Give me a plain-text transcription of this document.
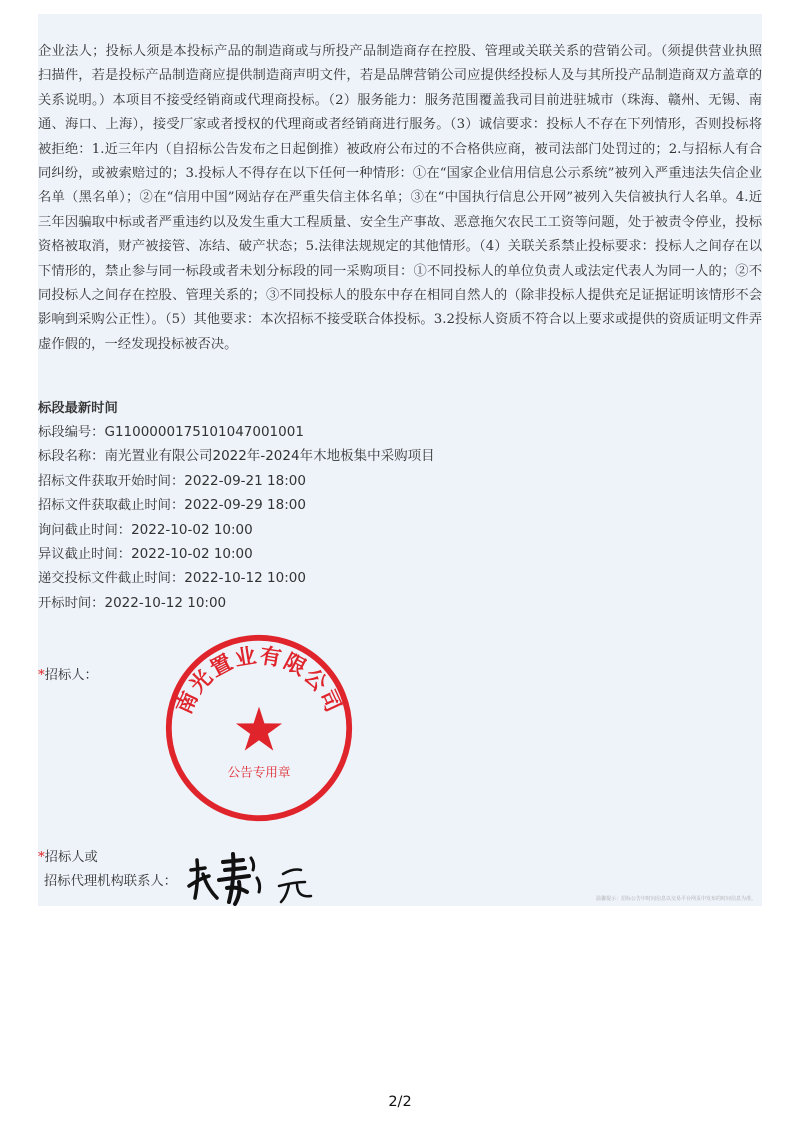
企业法人；投标人须是本投标产品的制造商或与所投产品制造商存在控股、管理或关联关系的营销公司。（须提供营业执照扫描件，若是投标产品制造商应提供制造商声明文件，若是品牌营销公司应提供经投标人及与其所投产品制造商双方盖章的关系说明。）本项目不接受经销商或代理商投标。（2）服务能力：服务范围覆盖我司目前进驻城市（珠海、赣州、无锡、南通、海口、上海），接受厂家或者授权的代理商或者经销商进行服务。（3）诚信要求：投标人不存在下列情形，否则投标将被拒绝：1.近三年内（自招标公告发布之日起倒推）被政府公布过的不合格供应商，被司法部门处罚过的；2.与招标人有合同纠纷，或被索赔过的；3.投标人不得存在以下任何一种情形：①在“国家企业信用信息公示系统”被列入严重违法失信企业名单（黑名单）；②在“信用中国”网站存在严重失信主体名单；③在“中国执行信息公开网”被列入失信被执行人名单。4.近三年因骗取中标或者严重违约以及发生重大工程质量、安全生产事故、恶意拖欠农民工工资等问题，处于被责令停业，投标资格被取消，财产被接管、冻结、破产状态；5.法律法规规定的其他情形。（4）关联关系禁止投标要求：投标人之间存在以下情形的，禁止参与同一标段或者未划分标段的同一采购项目：①不同投标人的单位负责人或法定代表人为同一人的；②不同投标人之间存在控股、管理关系的；③不同投标人的股东中存在相同自然人的（除非投标人提供充足证据证明该情形不会影响到采购公正性）。（5）其他要求：本次招标不接受联合体投标。3.2投标人资质不符合以上要求或提供的资质证明文件弄虚作假的，一经发现投标被否决。

标段最新时间
标段编号：G1100000175101047001001
标段名称：南光置业有限公司2022年-2024年木地板集中采购项目
招标文件获取开始时间：2022-09-21 18:00
招标文件获取截止时间：2022-09-29 18:00
询问截止时间：2022-10-02 10:00
异议截止时间：2022-10-02 10:00
递交投标文件截止时间：2022-10-12 10:00
开标时间：2022-10-12 10:00
*招标人：
南光置业有限公司
公告专用章
*招标人或
招标代理机构联系人：
温馨提示：招标公告中时间信息以交易平台网页中发布的时间信息为准。
2/2
